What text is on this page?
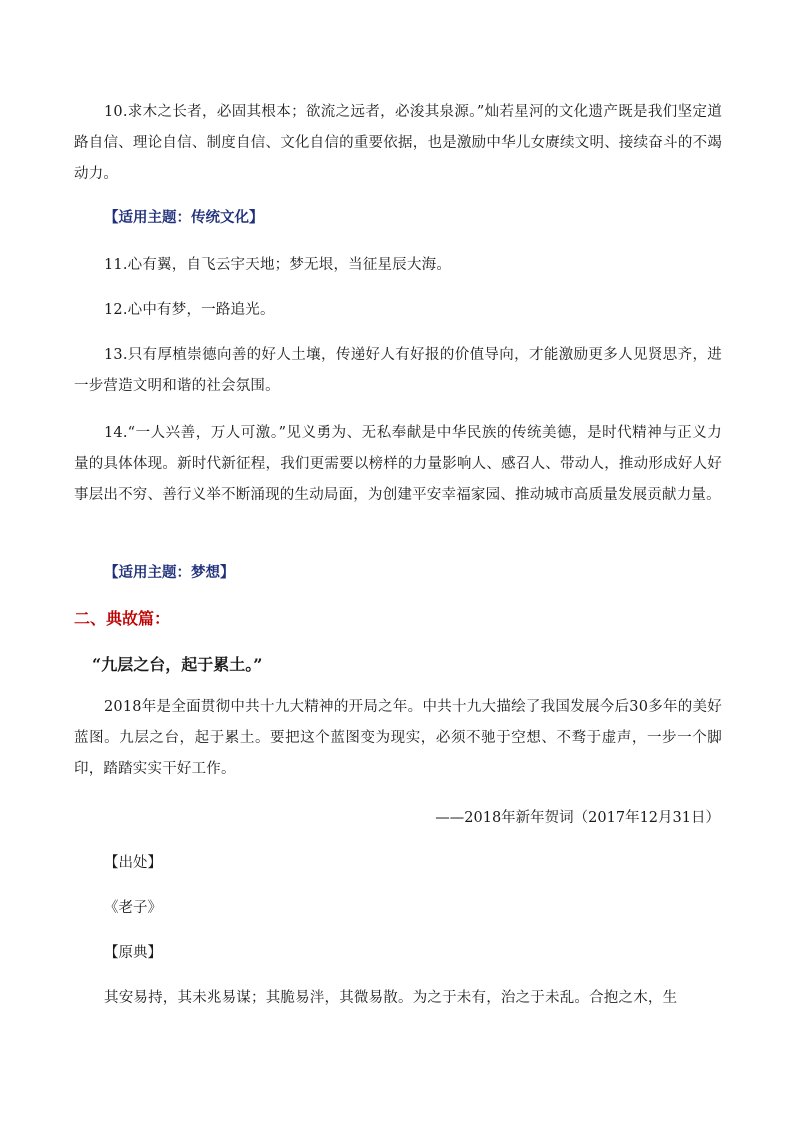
10.求木之长者，必固其根本；欲流之远者，必浚其泉源。”灿若星河的文化遗产既是我们坚定道路自信、理论自信、制度自信、文化自信的重要依据，也是激励中华儿女赓续文明、接续奋斗的不竭动力。

【适用主题：传统文化】

11.心有翼，自飞云宇天地；梦无垠，当征星辰大海。

12.心中有梦，一路追光。

13.只有厚植崇德向善的好人土壤，传递好人有好报的价值导向，才能激励更多人见贤思齐，进一步营造文明和谐的社会氛围。

14.“一人兴善，万人可激。”见义勇为、无私奉献是中华民族的传统美德，是时代精神与正义力量的具体体现。新时代新征程，我们更需要以榜样的力量影响人、感召人、带动人，推动形成好人好事层出不穷、善行义举不断涌现的生动局面，为创建平安幸福家园、推动城市高质量发展贡献力量。

【适用主题：梦想】

二、典故篇：

“九层之台，起于累土。”

2018年是全面贯彻中共十九大精神的开局之年。中共十九大描绘了我国发展今后30多年的美好蓝图。九层之台，起于累土。要把这个蓝图变为现实，必须不驰于空想、不骛于虚声，一步一个脚印，踏踏实实干好工作。

——2018年新年贺词（2017年12月31日）

【出处】

《老子》

【原典】

其安易持，其未兆易谋；其脆易泮，其微易散。为之于未有，治之于未乱。合抱之木，生
